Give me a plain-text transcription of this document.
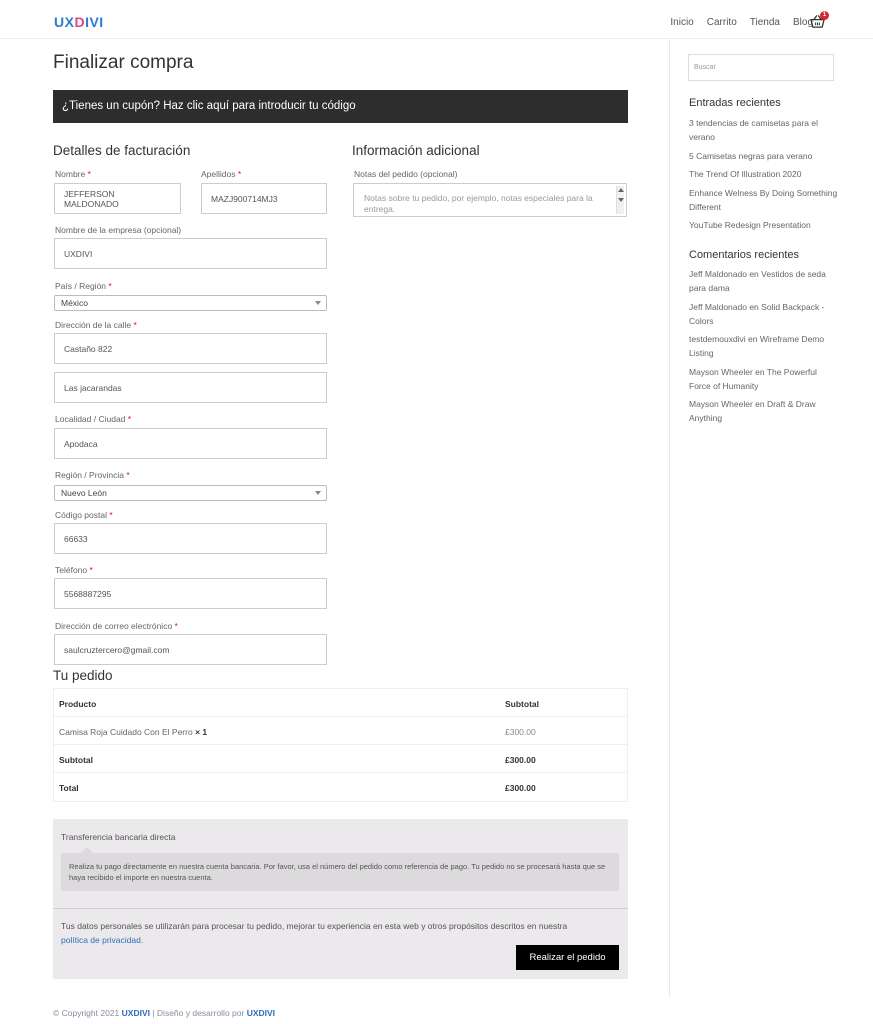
UXDIVI	Inicio Carrito Tienda Blog
1
Finalizar compra
¿Tienes un cupón? Haz clic aquí para introducir tu código
Detalles de facturación
Nombre *
JEFFERSON MALDONADO
Apellidos *
MAZJ900714MJ3
Nombre de la empresa (opcional)
UXDIVI
País / Región *
México
Dirección de la calle *
Castaño 822
Las jacarandas
Localidad / Ciudad *
Apodaca
Región / Provincia *
Nuevo León
Código postal *
66633
Teléfono *
5568887295
Dirección de correo electrónico *
saulcruztercero@gmail.com
Información adicional
Notas del pedido (opcional)
Notas sobre tu pedido, por ejemplo, notas especiales para la entrega.
Tu pedido
Producto	Subtotal
Camisa Roja Cuidado Con El Perro × 1	£300.00
Subtotal	£300.00
Total	£300.00
Transferencia bancaria directa
Realiza tu pago directamente en nuestra cuenta bancaria. Por favor, usa el número del pedido como referencia de pago. Tu pedido no se procesará hasta que se haya recibido el importe en nuestra cuenta.
Tus datos personales se utilizarán para procesar tu pedido, mejorar tu experiencia en esta web y otros propósitos descritos en nuestra
política de privacidad.
Realizar el pedido
© Copyright 2021 UXDIVI | Diseño y desarrollo por UXDIVI
Buscar
Entradas recientes
3 tendencias de camisetas para el verano
5 Camisetas negras para verano
The Trend Of Illustration 2020
Enhance Welness By Doing Something Different
YouTube Redesign Presentation
Comentarios recientes
Jeff Maldonado en Vestidos de seda para dama
Jeff Maldonado en Solid Backpack - Colors
testdemouxdivi en Wireframe Demo Listing
Mayson Wheeler en The Powerful Force of Humanity
Mayson Wheeler en Draft & Draw Anything
